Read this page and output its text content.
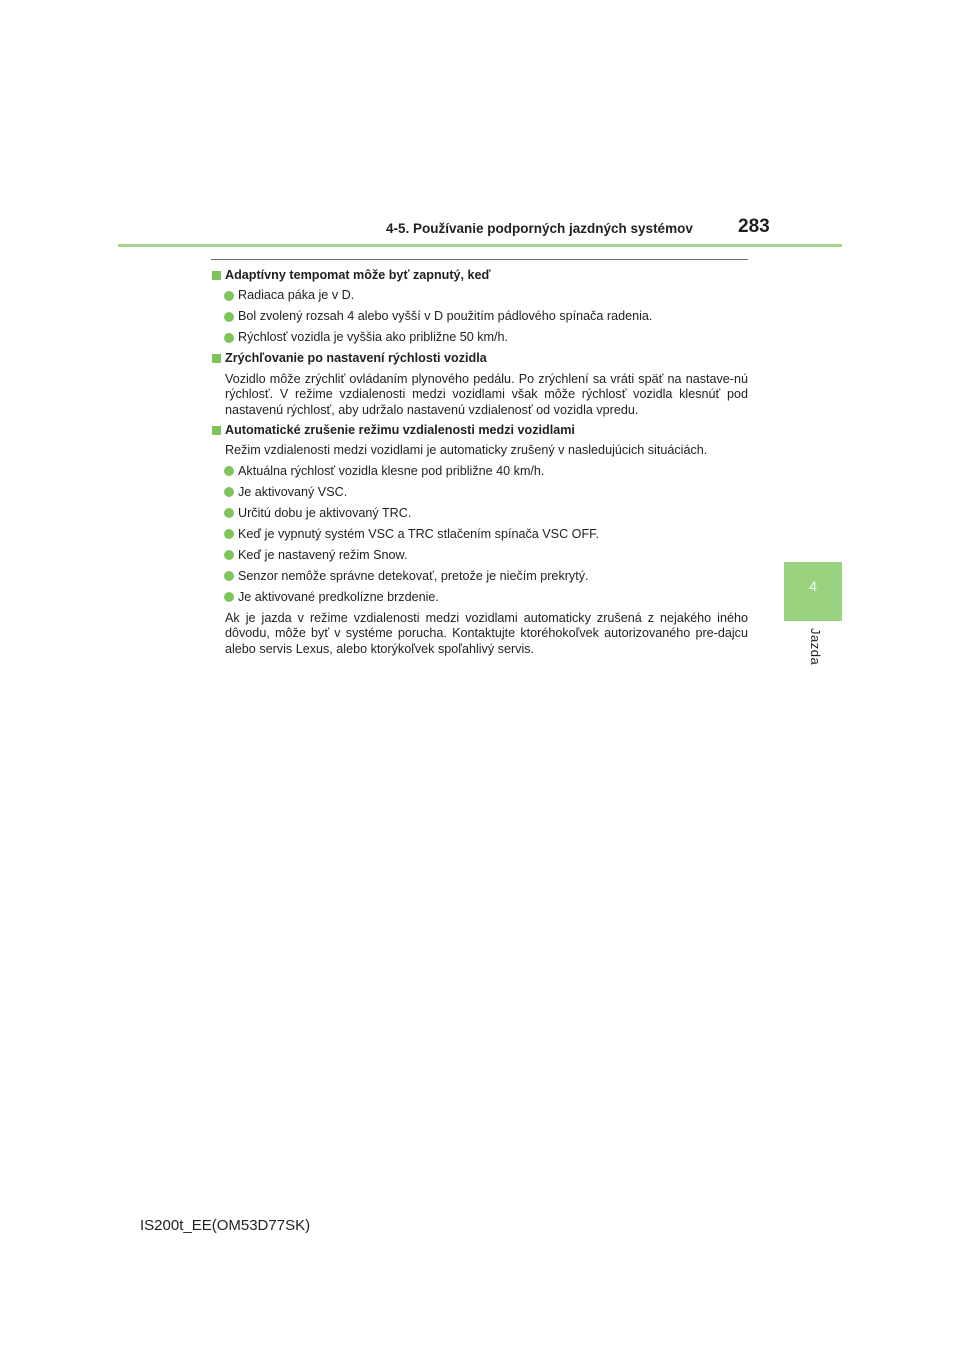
4-5. Používanie podporných jazdných systémov 283
4
Jazda
Adaptívny tempomat môže byť zapnutý, keď
Radiaca páka je v D.
Bol zvolený rozsah 4 alebo vyšší v D použitím pádlového spínača radenia.
Rýchlosť vozidla je vyššia ako približne 50 km/h.
Zrýchľovanie po nastavení rýchlosti vozidla
Vozidlo môže zrýchliť ovládaním plynového pedálu. Po zrýchlení sa vráti späť na nastave-nú rýchlosť. V režime vzdialenosti medzi vozidlami však môže rýchlosť vozidla klesnúť pod nastavenú rýchlosť, aby udržalo nastavenú vzdialenosť od vozidla vpredu.
Automatické zrušenie režimu vzdialenosti medzi vozidlami
Režim vzdialenosti medzi vozidlami je automaticky zrušený v nasledujúcich situáciách.
Aktuálna rýchlosť vozidla klesne pod približne 40 km/h.
Je aktivovaný VSC.
Určitú dobu je aktivovaný TRC.
Keď je vypnutý systém VSC a TRC stlačením spínača VSC OFF.
Keď je nastavený režim Snow.
Senzor nemôže správne detekovať, pretože je niečím prekrytý.
Je aktivované predkolízne brzdenie.
Ak je jazda v režime vzdialenosti medzi vozidlami automaticky zrušená z nejakého iného dôvodu, môže byť v systéme porucha. Kontaktujte ktoréhokoľvek autorizovaného pre-dajcu alebo servis Lexus, alebo ktorýkoľvek spoľahlivý servis.
IS200t_EE(OM53D77SK)
